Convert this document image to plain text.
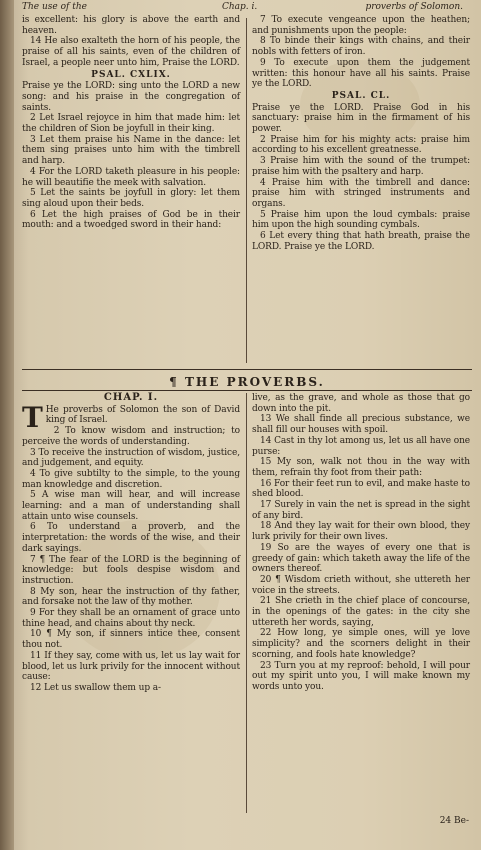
The use of the	Chap. i.	proverbs of Solomon.

is excellent: his glory is above the earth and heaven.

14 He also exalteth the horn of his people, the praise of all his saints, even of the children of Israel, a people neer unto him, Praise the LORD.

PSAL. CXLIX.

Praise ye the LORD: sing unto the LORD a new song: and his praise in the congregation of saints.

2 Let Israel rejoyce in him that made him: let the children of Sion be joyfull in their king.

3 Let them praise his Name in the dance: let them sing praises unto him with the timbrell and harp.

4 For the LORD taketh pleasure in his people: he will beautifie the meek with salvation.

5 Let the saints be joyfull in glory: let them sing aloud upon their beds.

6 Let the high praises of God be in their mouth: and a twoedged sword in their hand:

7 To execute vengeance upon the heathen; and punishments upon the people:

8 To binde their kings with chains, and their nobls with fetters of iron.

9 To execute upon them the judgement written: this honour have all his saints. Praise ye the LORD.

PSAL. CL.

Praise ye the LORD. Praise God in his sanctuary: praise him in the firmament of his power.

2 Praise him for his mighty acts: praise him according to his excellent greatnesse.

3 Praise him with the sound of the trumpet: praise him with the psaltery and harp.

4 Praise him with the timbrell and dance: praise him with stringed instruments and organs.

5 Praise him upon the loud cymbals: praise him upon the high sounding cymbals.

6 Let every thing that hath breath, praise the LORD. Praise ye the LORD.

¶ THE PROVERBS.
CHAP. I.

T He proverbs of Solomon the son of David king of Israel.

2 To know wisdom and instruction; to perceive the words of understanding.

3 To receive the instruction of wisdom, justice, and judgement, and equity.

4 To give subtilty to the simple, to the young man knowledge and discretion.

5 A wise man will hear, and will increase learning: and a man of understanding shall attain unto wise counsels.

6 To understand a proverb, and the interpretation: the words of the wise, and their dark sayings.

7 ¶ The fear of the LORD is the beginning of knowledge: but fools despise wisdom and instruction.

8 My son, hear the instruction of thy father, and forsake not the law of thy mother.

9 For they shall be an ornament of grace unto thine head, and chains about thy neck.

10 ¶ My son, if sinners intice thee, consent thou not.

11 If they say, come with us, let us lay wait for blood, let us lurk privily for the innocent without cause:

12 Let us swallow them up a-

live, as the grave, and whole as those that go down into the pit.

13 We shall finde all precious substance, we shall fill our houses with spoil.

14 Cast in thy lot among us, let us all have one purse:

15 My son, walk not thou in the way with them, refrain thy foot from their path:

16 For their feet run to evil, and make haste to shed blood.

17 Surely in vain the net is spread in the sight of any bird.

18 And they lay wait for their own blood, they lurk privily for their own lives.

19 So are the wayes of every one that is greedy of gain: which taketh away the life of the owners thereof.

20 ¶ Wisdom crieth without, she uttereth her voice in the streets.

21 She crieth in the chief place of concourse, in the openings of the gates: in the city she uttereth her words, saying,

22 How long, ye simple ones, will ye love simplicity? and the scorners delight in their scorning, and fools hate knowledge?

23 Turn you at my reproof: behold, I will pour out my spirit unto you, I will make known my words unto you.

24 Be-
